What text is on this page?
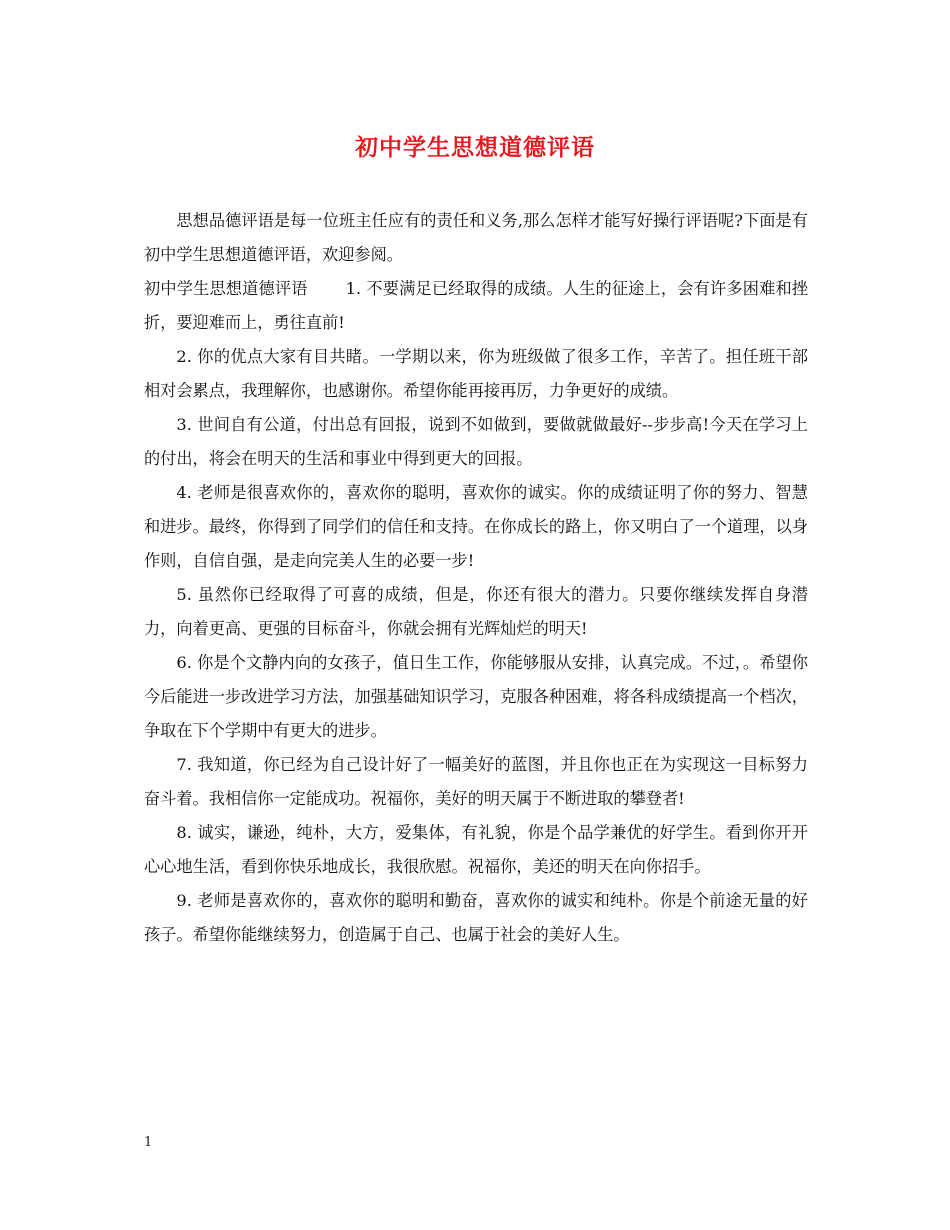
初中学生思想道德评语

思想品德评语是每一位班主任应有的责任和义务,那么怎样才能写好操行评语呢?下面是有初中学生思想道德评语，欢迎参阅。

初中学生思想道德评语 1. 不要满足已经取得的成绩。人生的征途上，会有许多困难和挫折，要迎难而上，勇往直前!

2. 你的优点大家有目共睹。一学期以来，你为班级做了很多工作，辛苦了。担任班干部相对会累点，我理解你，也感谢你。希望你能再接再厉，力争更好的成绩。

3. 世间自有公道，付出总有回报，说到不如做到，要做就做最好--步步高!今天在学习上的付出，将会在明天的生活和事业中得到更大的回报。

4. 老师是很喜欢你的，喜欢你的聪明，喜欢你的诚实。你的成绩证明了你的努力、智慧和进步。最终，你得到了同学们的信任和支持。在你成长的路上，你又明白了一个道理，以身作则，自信自强，是走向完美人生的必要一步!

5. 虽然你已经取得了可喜的成绩，但是，你还有很大的潜力。只要你继续发挥自身潜力，向着更高、更强的目标奋斗，你就会拥有光辉灿烂的明天!

6. 你是个文静内向的女孩子，值日生工作，你能够服从安排，认真完成。不过，。希望你今后能进一步改进学习方法，加强基础知识学习，克服各种困难，将各科成绩提高一个档次，争取在下个学期中有更大的进步。

7. 我知道，你已经为自己设计好了一幅美好的蓝图，并且你也正在为实现这一目标努力奋斗着。我相信你一定能成功。祝福你，美好的明天属于不断进取的攀登者!

8. 诚实，谦逊，纯朴，大方，爱集体，有礼貌，你是个品学兼优的好学生。看到你开开心心地生活，看到你快乐地成长，我很欣慰。祝福你，美还的明天在向你招手。

9. 老师是喜欢你的，喜欢你的聪明和勤奋，喜欢你的诚实和纯朴。你是个前途无量的好孩子。希望你能继续努力，创造属于自己、也属于社会的美好人生。

1
